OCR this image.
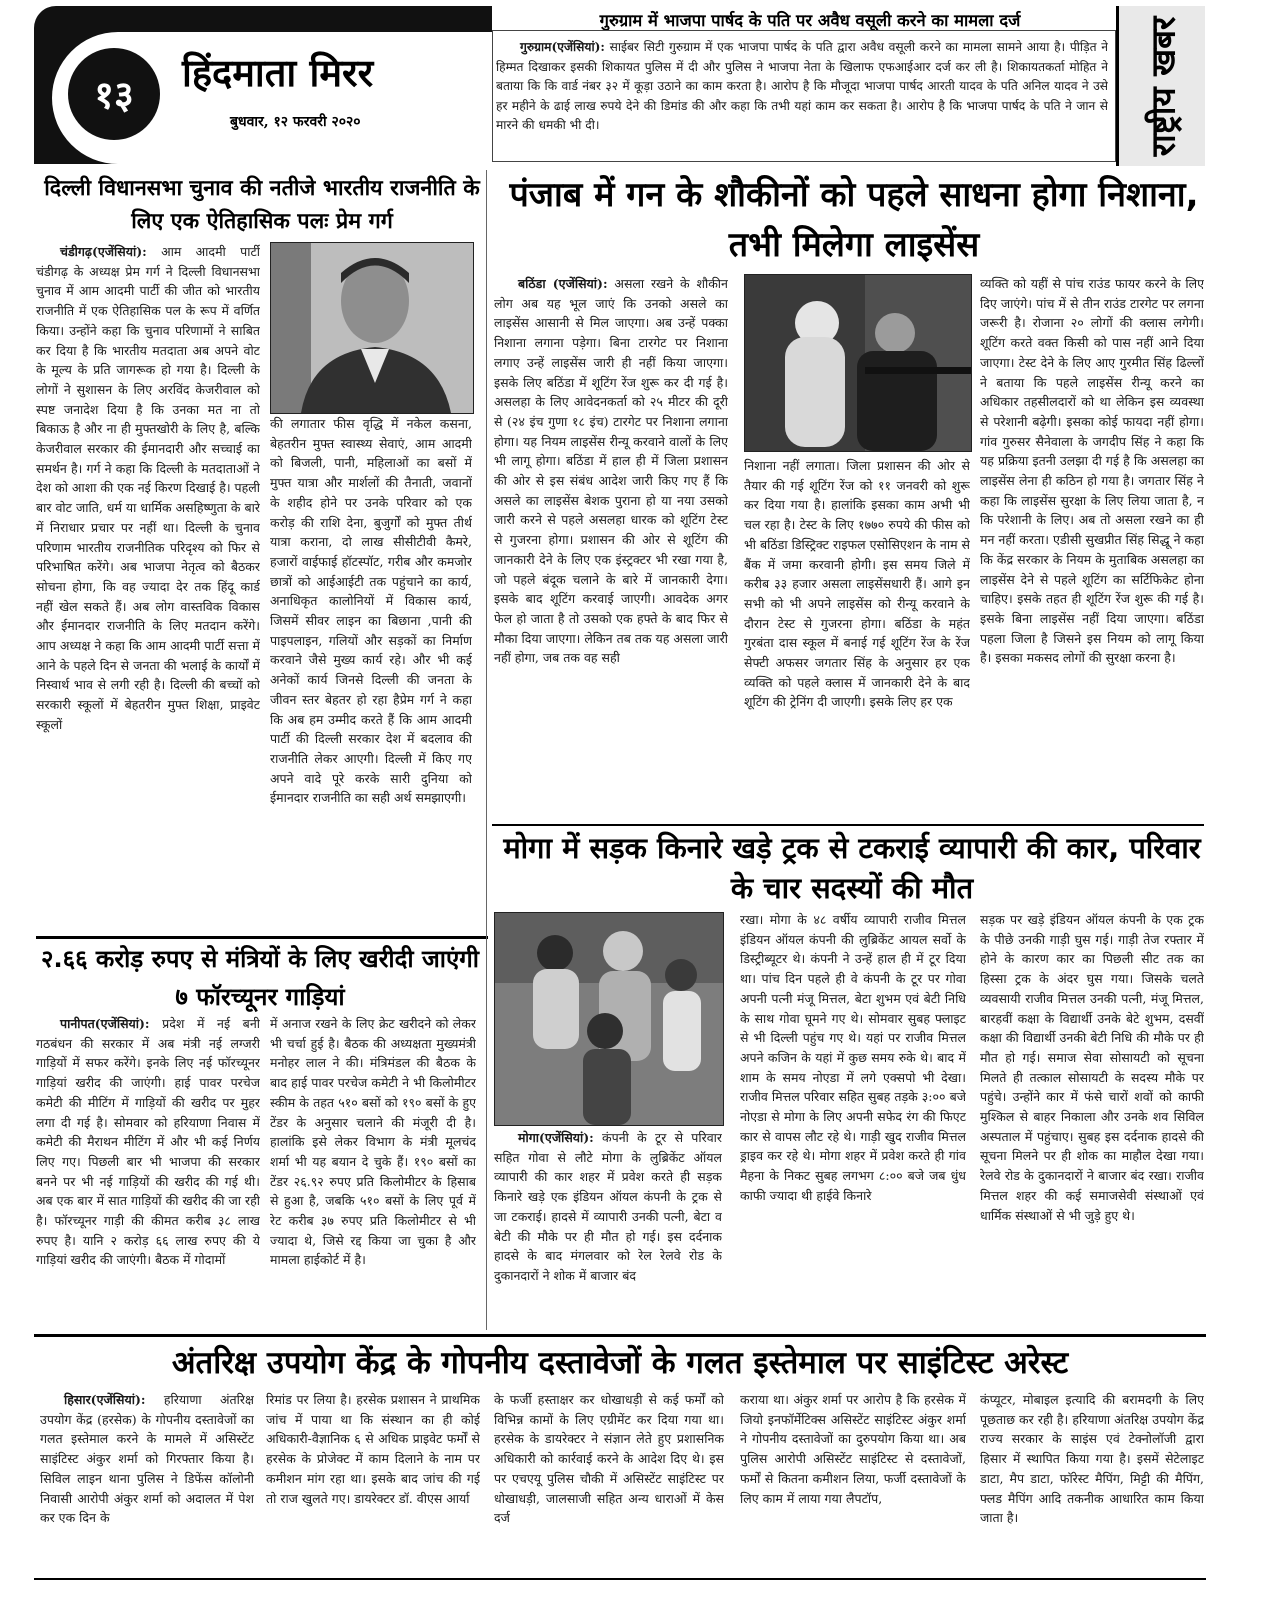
१३ हिंदमाता मिरर
बुधवार, १२ फरवरी २०२०
गुरुग्राम में भाजपा पार्षद के पति पर अवैध वसूली करने का मामला दर्ज
गुरुग्राम(एजेंसियां): साईबर सिटी गुरुग्राम में एक भाजपा पार्षद के पति द्वारा अवैध वसूली करने का मामला सामने आया है। पीड़ित ने हिम्मत दिखाकर इसकी शिकायत पुलिस में दी और पुलिस ने भाजपा नेता के खिलाफ एफआईआर दर्ज कर ली है। शिकायतकर्ता मोहित ने बताया कि कि वार्ड नंबर ३२ में कूड़ा उठाने का काम करता है। आरोप है कि मौजूदा भाजपा पार्षद आरती यादव के पति अनिल यादव ने उसे हर महीने के ढाई लाख रुपये देने की डिमांड की और कहा कि तभी यहां काम कर सकता है। आरोप है कि भाजपा पार्षद के पति ने जान से मारने की धमकी भी दी।	राष्ट्रीय खबर
दिल्ली विधानसभा चुनाव की नतीजे भारतीय राजनीति के लिए एक ऐतिहासिक पलः प्रेम गर्ग
चंडीगढ़(एजेंसियां): आम आदमी पार्टी चंडीगढ़ के अध्यक्ष प्रेम गर्ग ने दिल्ली विधानसभा चुनाव में आम आदमी पार्टी की जीत को भारतीय राजनीति में एक ऐतिहासिक पल के रूप में वर्णित किया। उन्होंने कहा कि चुनाव परिणामों ने साबित कर दिया है कि भारतीय मतदाता अब अपने वोट के मूल्य के प्रति जागरूक हो गया है। दिल्ली के लोगों ने सुशासन के लिए अरविंद केजरीवाल को स्पष्ट जनादेश दिया है कि उनका मत ना तो बिकाऊ है और ना ही मुफ्तखोरी के लिए है, बल्कि केजरीवाल सरकार की ईमानदारी और सच्चाई का समर्थन है। गर्ग ने कहा कि दिल्ली के मतदाताओं ने देश को आशा की एक नई किरण दिखाई है। पहली बार वोट जाति, धर्म या धार्मिक असहिष्णुता के बारे में निराधार प्रचार पर नहीं था। दिल्ली के चुनाव परिणाम भारतीय राजनीतिक परिदृश्य को फिर से परिभाषित करेंगे। अब भाजपा नेतृत्व को बैठकर सोचना होगा, कि वह ज्यादा देर तक हिंदू कार्ड नहीं खेल सकते हैं। अब लोग वास्तविक विकास और ईमानदार राजनीति के लिए मतदान करेंगे। आप अध्यक्ष ने कहा कि आम आदमी पार्टी सत्ता में आने के पहले दिन से जनता की भलाई के कार्यों में निस्वार्थ भाव से लगी रही है। दिल्ली की बच्चों को सरकारी स्कूलों में बेहतरीन मुफ्त शिक्षा, प्राइवेट स्कूलों
की लगातार फीस वृद्धि में नकेल कसना, बेहतरीन मुफ्त स्वास्थ्य सेवाएं, आम आदमी को बिजली, पानी, महिलाओं का बसों में मुफ्त यात्रा और मार्शलों की तैनाती, जवानों के शहीद होने पर उनके परिवार को एक करोड़ की राशि देना, बुजुर्गों को मुफ्त तीर्थ यात्रा कराना, दो लाख सीसीटीवी कैमरे, हजारों वाईफाई हॉटस्पॉट, गरीब और कमजोर छात्रों को आईआईटी तक पहुंचाने का कार्य, अनाधिकृत कालोनियों में विकास कार्य, जिसमें सीवर लाइन का बिछाना ,पानी की पाइपलाइन, गलियों और सड़कों का निर्माण करवाने जैसे मुख्य कार्य रहे। और भी कई अनेकों कार्य जिनसे दिल्ली की जनता के जीवन स्तर बेहतर हो रहा हैप्रेम गर्ग ने कहा कि अब हम उम्मीद करते हैं कि आम आदमी पार्टी की दिल्ली सरकार देश में बदलाव की राजनीति लेकर आएगी। दिल्ली में किए गए अपने वादे पूरे करके सारी दुनिया को ईमानदार राजनीति का सही अर्थ समझाएगी।
पंजाब में गन के शौकीनों को पहले साधना होगा निशाना, तभी मिलेगा लाइसेंस
बठिंडा (एजेंसियां): असला रखने के शौकीन लोग अब यह भूल जाएं कि उनको असले का लाइसेंस आसानी से मिल जाएगा। अब उन्हें पक्का निशाना लगाना पड़ेगा। बिना टारगेट पर निशाना लगाए उन्हें लाइसेंस जारी ही नहीं किया जाएगा। इसके लिए बठिंडा में शूटिंग रेंज शुरू कर दी गई है। असलहा के लिए आवेदनकर्ता को २५ मीटर की दूरी से (२४ इंच गुणा १८ इंच) टारगेट पर निशाना लगाना होगा। यह नियम लाइसेंस रीन्यू करवाने वालों के लिए भी लागू होगा। बठिंडा में हाल ही में जिला प्रशासन की ओर से इस संबंध आदेश जारी किए गए हैं कि असले का लाइसेंस बेशक पुराना हो या नया उसको जारी करने से पहले असलहा धारक को शूटिंग टेस्ट से गुजरना होगा। प्रशासन की ओर से शूटिंग की जानकारी देने के लिए एक इंस्ट्रक्टर भी रखा गया है, जो पहले बंदूक चलाने के बारे में जानकारी देगा। इसके बाद शूटिंग करवाई जाएगी। आवदेक अगर फेल हो जाता है तो उसको एक हफ्ते के बाद फिर से मौका दिया जाएगा। लेकिन तब तक यह असला जारी नहीं होगा, जब तक वह सही
निशाना नहीं लगाता। जिला प्रशासन की ओर से तैयार की गई शूटिंग रेंज को ११ जनवरी को शुरू कर दिया गया है। हालांकि इसका काम अभी भी चल रहा है। टेस्ट के लिए १७७० रुपये की फीस को भी बठिंडा डिस्ट्रिक्ट राइफल एसोसिएशन के नाम से बैंक में जमा करवानी होगी। इस समय जिले में करीब ३३ हजार असला लाइसेंसधारी हैं। आगे इन सभी को भी अपने लाइसेंस को रीन्यू करवाने के दौरान टेस्ट से गुजरना होगा। बठिंडा के महंत गुरबंता दास स्कूल में बनाई गई शूटिंग रेंज के रेंज सेफ्टी अफसर जगतार सिंह के अनुसार हर एक व्यक्ति को पहले क्लास में जानकारी देने के बाद शूटिंग की ट्रेनिंग दी जाएगी। इसके लिए हर एक
व्यक्ति को यहीं से पांच राउंड फायर करने के लिए दिए जाएंगे। पांच में से तीन राउंड टारगेट पर लगना जरूरी है। रोजाना २० लोगों की क्लास लगेगी। शूटिंग करते वक्त किसी को पास नहीं आने दिया जाएगा। टेस्ट देने के लिए आए गुरमीत सिंह ढिल्लों ने बताया कि पहले लाइसेंस रीन्यू करने का अधिकार तहसीलदारों को था लेकिन इस व्यवस्था से परेशानी बढ़ेगी। इसका कोई फायदा नहीं होगा। गांव गुरुसर सैनेवाला के जगदीप सिंह ने कहा कि यह प्रक्रिया इतनी उलझा दी गई है कि असलहा का लाइसेंस लेना ही कठिन हो गया है। जगतार सिंह ने कहा कि लाइसेंस सुरक्षा के लिए लिया जाता है, न कि परेशानी के लिए। अब तो असला रखने का ही मन नहीं करता। एडीसी सुखप्रीत सिंह सिद्धू ने कहा कि केंद्र सरकार के नियम के मुताबिक असलहा का लाइसेंस देने से पहले शूटिंग का सर्टिफिकेट होना चाहिए। इसके तहत ही शूटिंग रेंज शुरू की गई है। इसके बिना लाइसेंस नहीं दिया जाएगा। बठिंडा पहला जिला है जिसने इस नियम को लागू किया है। इसका मकसद लोगों की सुरक्षा करना है।
२.६६ करोड़ रुपए से मंत्रियों के लिए खरीदी जाएंगी ७ फॉरच्यूनर गाड़ियां
पानीपत(एजेंसियां): प्रदेश में नई बनी गठबंधन की सरकार में अब मंत्री नई लग्जरी गाड़ियों में सफर करेंगे। इनके लिए नई फॉरच्यूनर गाड़ियां खरीद की जाएंगी। हाई पावर परचेज कमेटी की मीटिंग में गाड़ियों की खरीद पर मुहर लगा दी गई है। सोमवार को हरियाणा निवास में कमेटी की मैराथन मीटिंग में और भी कई निर्णय लिए गए। पिछली बार भी भाजपा की सरकार बनने पर भी नई गाड़ियों की खरीद की गई थी। अब एक बार में सात गाड़ियों की खरीद की जा रही है। फॉरच्यूनर गाड़ी की कीमत करीब ३८ लाख रुपए है। यानि २ करोड़ ६६ लाख रुपए की ये गाड़ियां खरीद की जाएंगी। बैठक में गोदामों
में अनाज रखने के लिए क्रेट खरीदने को लेकर भी चर्चा हुई है। बैठक की अध्यक्षता मुख्यमंत्री मनोहर लाल ने की। मंत्रिमंडल की बैठक के बाद हाई पावर परचेज कमेटी ने भी किलोमीटर स्कीम के तहत ५१० बसों को १९० बसों के हुए टेंडर के अनुसार चलाने की मंजूरी दी है। हालांकि इसे लेकर विभाग के मंत्री मूलचंद शर्मा भी यह बयान दे चुके हैं। १९० बसों का टेंडर २६.९२ रुपए प्रति किलोमीटर के हिसाब से हुआ है, जबकि ५१० बसों के लिए पूर्व में रेट करीब ३७ रुपए प्रति किलोमीटर से भी ज्यादा थे, जिसे रद्द किया जा चुका है और मामला हाईकोर्ट में है।
मोगा में सड़क किनारे खड़े ट्रक से टकराई व्यापारी की कार, परिवार के चार सदस्यों की मौत
मोगा(एजेंसियां): कंपनी के टूर से परिवार सहित गोवा से लौटे मोगा के लुब्रिकेंट ऑयल व्यापारी की कार शहर में प्रवेश करते ही सड़क किनारे खड़े एक इंडियन ऑयल कंपनी के ट्रक से जा टकराई। हादसे में व्यापारी उनकी पत्नी, बेटा व बेटी की मौके पर ही मौत हो गई। इस दर्दनाक हादसे के बाद मंगलवार को रेल रेलवे रोड के दुकानदारों ने शोक में बाजार बंद
रखा। मोगा के ४८ वर्षीय व्यापारी राजीव मित्तल इंडियन ऑयल कंपनी की लुब्रिकेंट आयल सर्वो के डिस्ट्रीब्यूटर थे। कंपनी ने उन्हें हाल ही में टूर दिया था। पांच दिन पहले ही वे कंपनी के टूर पर गोवा अपनी पत्नी मंजू मित्तल, बेटा शुभम एवं बेटी निधि के साथ गोवा घूमने गए थे। सोमवार सुबह फ्लाइट से भी दिल्ली पहुंच गए थे। यहां पर राजीव मित्तल अपने कजिन के यहां में कुछ समय रुके थे। बाद में शाम के समय नोएडा में लगे एक्सपो भी देखा। राजीव मित्तल परिवार सहित सुबह तड़के ३:०० बजे नोएडा से मोगा के लिए अपनी सफेद रंग की फिएट कार से वापस लौट रहे थे। गाड़ी खुद राजीव मित्तल ड्राइव कर रहे थे। मोगा शहर में प्रवेश करते ही गांव मैहना के निकट सुबह लगभग ८:०० बजे जब धुंध काफी ज्यादा थी हाईवे किनारे
सड़क पर खड़े इंडियन ऑयल कंपनी के एक ट्रक के पीछे उनकी गाड़ी घुस गई। गाड़ी तेज रफ्तार में होने के कारण कार का पिछली सीट तक का हिस्सा ट्रक के अंदर घुस गया। जिसके चलते व्यवसायी राजीव मित्तल उनकी पत्नी, मंजू मित्तल, बारहवीं कक्षा के विद्यार्थी उनके बेटे शुभम, दसवीं कक्षा की विद्यार्थी उनकी बेटी निधि की मौके पर ही मौत हो गई। समाज सेवा सोसायटी को सूचना मिलते ही तत्काल सोसायटी के सदस्य मौके पर पहुंचे। उन्होंने कार में फंसे चारों शवों को काफी मुश्किल से बाहर निकाला और उनके शव सिविल अस्पताल में पहुंचाए। सुबह इस दर्दनाक हादसे की सूचना मिलने पर ही शोक का माहौल देखा गया। रेलवे रोड के दुकानदारों ने बाजार बंद रखा। राजीव मित्तल शहर की कई समाजसेवी संस्थाओं एवं धार्मिक संस्थाओं से भी जुड़े हुए थे।
अंतरिक्ष उपयोग केंद्र के गोपनीय दस्तावेजों के गलत इस्तेमाल पर साइंटिस्ट अरेस्ट
हिसार(एजेंसियां): हरियाणा अंतरिक्ष उपयोग केंद्र (हरसेक) के गोपनीय दस्तावेजों का गलत इस्तेमाल करने के मामले में असिस्टेंट साइंटिस्ट अंकुर शर्मा को गिरफ्तार किया है। सिविल लाइन थाना पुलिस ने डिफेंस कॉलोनी निवासी आरोपी अंकुर शर्मा को अदालत में पेश कर एक दिन के
रिमांड पर लिया है। हरसेक प्रशासन ने प्राथमिक जांच में पाया था कि संस्थान का ही कोई अधिकारी-वैज्ञानिक ६ से अधिक प्राइवेट फर्मों से हरसेक के प्रोजेक्ट में काम दिलाने के नाम पर कमीशन मांग रहा था। इसके बाद जांच की गई तो राज खुलते गए। डायरेक्टर डॉ. वीएस आर्या
के फर्जी हस्ताक्षर कर धोखाधड़ी से कई फर्मों को विभिन्न कामों के लिए एग्रीमेंट कर दिया गया था। हरसेक के डायरेक्टर ने संज्ञान लेते हुए प्रशासनिक अधिकारी को कार्रवाई करने के आदेश दिए थे। इस पर एचएयू पुलिस चौकी में असिस्टेंट साइंटिस्ट पर धोखाधड़ी, जालसाजी सहित अन्य धाराओं में केस दर्ज
कराया था। अंकुर शर्मा पर आरोप है कि हरसेक में जियो इनफॉर्मेटिक्स असिस्टेंट साइंटिस्ट अंकुर शर्मा ने गोपनीय दस्तावेजों का दुरुपयोग किया था। अब पुलिस आरोपी असिस्टेंट साइंटिस्ट से दस्तावेजों, फर्मों से कितना कमीशन लिया, फर्जी दस्तावेजों के लिए काम में लाया गया लैपटॉप,
कंप्यूटर, मोबाइल इत्यादि की बरामदगी के लिए पूछताछ कर रही है। हरियाणा अंतरिक्ष उपयोग केंद्र राज्य सरकार के साइंस एवं टेक्नोलॉजी द्वारा हिसार में स्थापित किया गया है। इसमें सेटेलाइट डाटा, मैप डाटा, फॉरेस्ट मैपिंग, मिट्टी की मैपिंग, फ्लड मैपिंग आदि तकनीक आधारित काम किया जाता है।
